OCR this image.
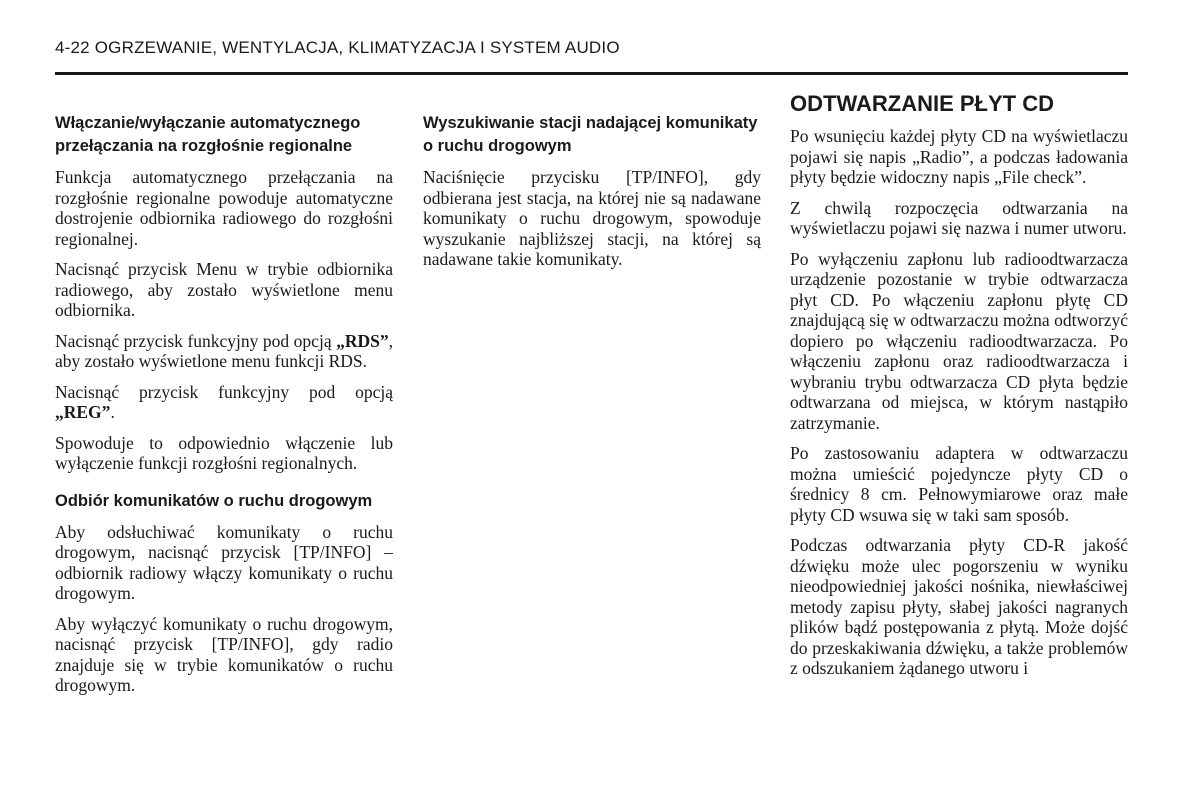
4-22 OGRZEWANIE, WENTYLACJA, KLIMATYZACJA I SYSTEM AUDIO
Włączanie/wyłączanie automatycznego przełączania na rozgłośnie regionalne

Funkcja automatycznego przełączania na rozgłośnie regionalne powoduje automatyczne dostrojenie odbiornika radiowego do rozgłośni regionalnej.

Nacisnąć przycisk Menu w trybie odbiornika radiowego, aby zostało wyświetlone menu odbiornika.

Nacisnąć przycisk funkcyjny pod opcją „RDS”, aby zostało wyświetlone menu funkcji RDS.

Nacisnąć przycisk funkcyjny pod opcją „REG”.

Spowoduje to odpowiednio włączenie lub wyłączenie funkcji rozgłośni regionalnych.

Odbiór komunikatów o ruchu drogowym

Aby odsłuchiwać komunikaty o ruchu drogowym, nacisnąć przycisk [TP/INFO] – odbiornik radiowy włączy komunikaty o ruchu drogowym.

Aby wyłączyć komunikaty o ruchu drogowym, nacisnąć przycisk [TP/INFO], gdy radio znajduje się w trybie komunikatów o ruchu drogowym.

Wyszukiwanie stacji nadającej komunikaty o ruchu drogowym

Naciśnięcie przycisku [TP/INFO], gdy odbierana jest stacja, na której nie są nadawane komunikaty o ruchu drogowym, spowoduje wyszukanie najbliższej stacji, na której są nadawane takie komunikaty.

ODTWARZANIE PŁYT CD

Po wsunięciu każdej płyty CD na wyświetlaczu pojawi się napis „Radio”, a podczas ładowania płyty będzie widoczny napis „File check”.

Z chwilą rozpoczęcia odtwarzania na wyświetlaczu pojawi się nazwa i numer utworu.

Po wyłączeniu zapłonu lub radioodtwarzacza urządzenie pozostanie w trybie odtwarzacza płyt CD. Po włączeniu zapłonu płytę CD znajdującą się w odtwarzaczu można odtworzyć dopiero po włączeniu radioodtwarzacza. Po włączeniu zapłonu oraz radioodtwarzacza i wybraniu trybu odtwarzacza CD płyta będzie odtwarzana od miejsca, w którym nastąpiło zatrzymanie.

Po zastosowaniu adaptera w odtwarzaczu można umieścić pojedyncze płyty CD o średnicy 8 cm. Pełnowymiarowe oraz małe płyty CD wsuwa się w taki sam sposób.

Podczas odtwarzania płyty CD-R jakość dźwięku może ulec pogorszeniu w wyniku nieodpowiedniej jakości nośnika, niewłaściwej metody zapisu płyty, słabej jakości nagranych plików bądź postępowania z płytą. Może dojść do przeskakiwania dźwięku, a także problemów z odszukaniem żądanego utworu i
